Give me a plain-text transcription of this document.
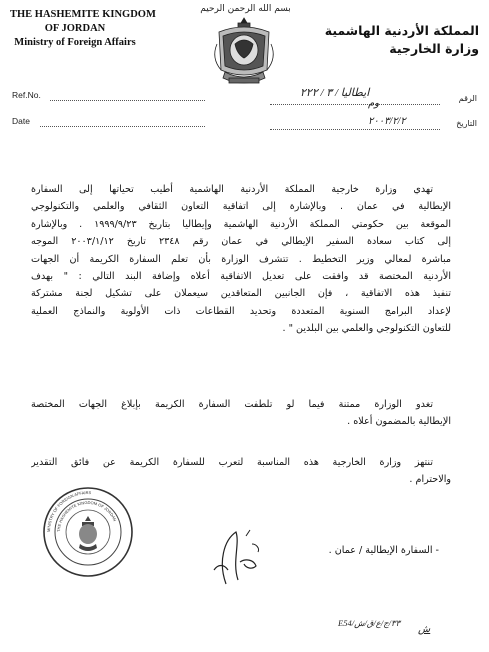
THE HASHEMITE KINGDOM
OF JORDAN
Ministry of Foreign Affairs
بسم الله الرحمن الرحيم
المملكة الأردنية الهاشمية
وزارة الخارجية
Ref.No.
Date
الرقم
وم
ايطاليا / ٣ / ٢٢٢
التاريخ
٢٠٠٣/٢/٢
تهدي وزارة خارجية المملكة الأردنية الهاشمية أطيب تحياتها إلى السفارة
الإيطالية في عمان . وبالإشارة إلى اتفاقية التعاون الثقافي والعلمي والتكنولوجي
الموقعة بين حكومتي المملكة الأردنية الهاشمية وإيطاليا بتاريخ ١٩٩٩/٩/٢٣ . وبالإشارة
إلى كتاب سعادة السفير الإيطالي في عمان رقم ٢٣٤٨ تاريخ ٢٠٠٣/١/١٢ الموجه
مباشرة لمعالي وزير التخطيط . تتشرف الوزارة بأن تعلم السفارة الكريمة أن الجهات
الأردنية المختصة قد وافقت على تعديل الاتفاقية أعلاه وإضافة البند التالي : " بهدف
تنفيذ هذه الاتفاقية ، فإن الجانبين المتعاقدين سيعملان على تشكيل لجنة مشتركة
لإعداد البرامج السنوية المتعددة وتحديد القطاعات ذات الأولوية والنماذج العملية
للتعاون التكنولوجي والعلمي بين البلدين " .
تغدو الوزارة ممتنة فيما لو تلطفت السفارة الكريمة بإبلاغ الجهات المختصة
الإيطالية بالمضمون أعلاه .
تنتهز وزارة الخارجية هذه المناسبة لتعرب للسفارة الكريمة عن فائق التقدير
والاحترام .
MINISTRY OF FOREIGN AFFAIRS
THE HASHEMITE KINGDOM OF JORDAN
- السفارة الإيطالية / عمان .
E54/٣٣/ج/ع/ق/ش
ش
